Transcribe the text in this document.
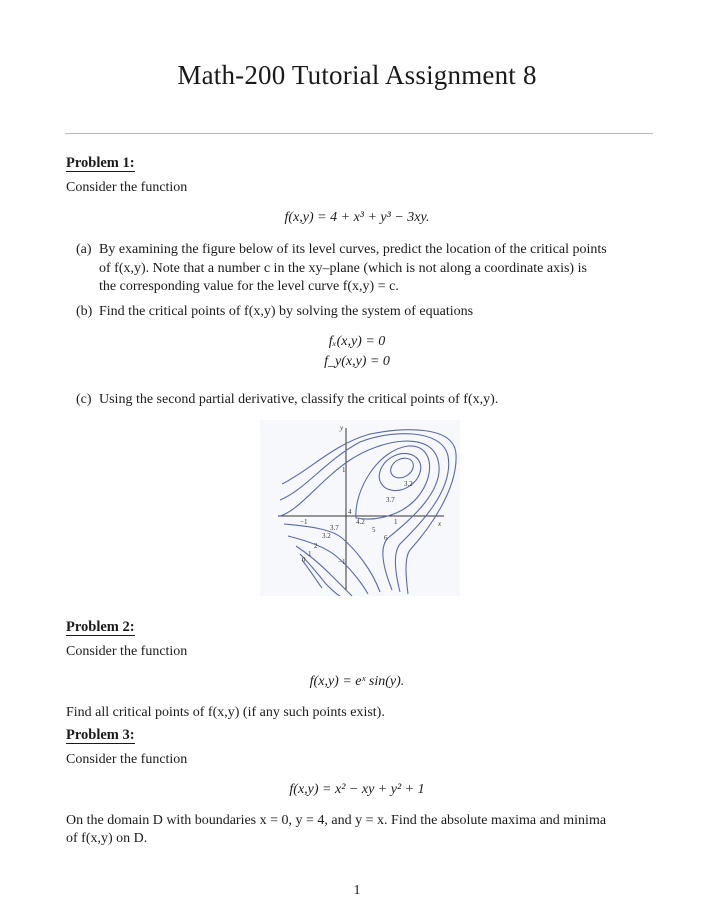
Math-200 Tutorial Assignment 8
Problem 1:
Consider the function
f(x,y) = 4 + x³ + y³ − 3xy.
(a) By examining the figure below of its level curves, predict the location of the critical points
of f(x,y). Note that a number c in the xy–plane (which is not along a coordinate axis) is
the corresponding value for the level curve f(x,y) = c.
(b) Find the critical points of f(x,y) by solving the system of equations
fₓ(x,y) = 0
f_y(x,y) = 0
(c) Using the second partial derivative, classify the critical points of f(x,y).
y
x
1
3.2
3.7
4
4.2	1
5
6
−1
3.7
3.2
2
1
0	−1
Problem 2:
Consider the function
f(x,y) = eˣ sin(y).
Find all critical points of f(x,y) (if any such points exist).
Problem 3:
Consider the function
f(x,y) = x² − xy + y² + 1
On the domain D with boundaries x = 0, y = 4, and y = x. Find the absolute maxima and minima
of f(x,y) on D.
1
